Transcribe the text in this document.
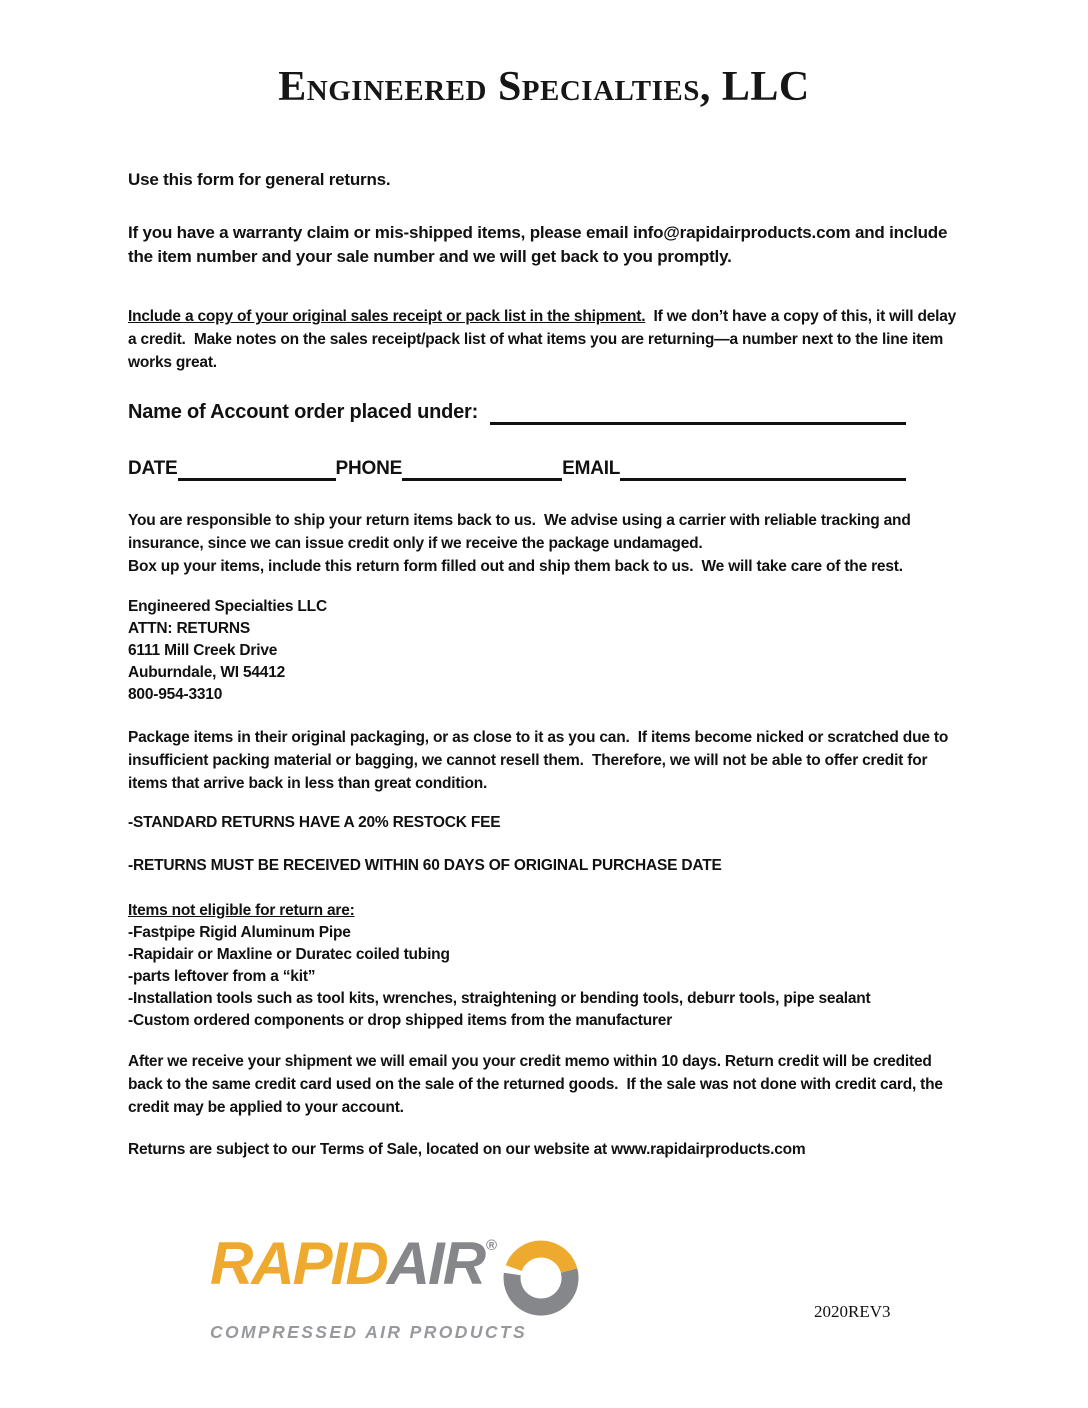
Engineered Specialties, LLC

Use this form for general returns.

If you have a warranty claim or mis-shipped items, please email info@rapidairproducts.com and include the item number and your sale number and we will get back to you promptly.

Include a copy of your original sales receipt or pack list in the shipment.  If we don’t have a copy of this, it will delay a credit.  Make notes on the sales receipt/pack list of what items you are returning—a number next to the line item works great.

Name of Account order placed under:
DATE	PHONE	EMAIL

You are responsible to ship your return items back to us.  We advise using a carrier with reliable tracking and insurance, since we can issue credit only if we receive the package undamaged.

Box up your items, include this return form filled out and ship them back to us.  We will take care of the rest.

Engineered Specialties LLC
ATTN: RETURNS
6111 Mill Creek Drive
Auburndale, WI 54412
800-954-3310

Package items in their original packaging, or as close to it as you can.  If items become nicked or scratched due to insufficient packing material or bagging, we cannot resell them.  Therefore, we will not be able to offer credit for items that arrive back in less than great condition.

-STANDARD RETURNS HAVE A 20% RESTOCK FEE

-RETURNS MUST BE RECEIVED WITHIN 60 DAYS OF ORIGINAL PURCHASE DATE

Items not eligible for return are:
-Fastpipe Rigid Aluminum Pipe
-Rapidair or Maxline or Duratec coiled tubing
-parts leftover from a “kit”
-Installation tools such as tool kits, wrenches, straightening or bending tools, deburr tools, pipe sealant
-Custom ordered components or drop shipped items from the manufacturer

After we receive your shipment we will email you your credit memo within 10 days. Return credit will be credited back to the same credit card used on the sale of the returned goods.  If the sale was not done with credit card, the credit may be applied to your account.

Returns are subject to our Terms of Sale, located on our website at www.rapidairproducts.com

RAPID AIR ®
COMPRESSED AIR PRODUCTS
2020REV3
